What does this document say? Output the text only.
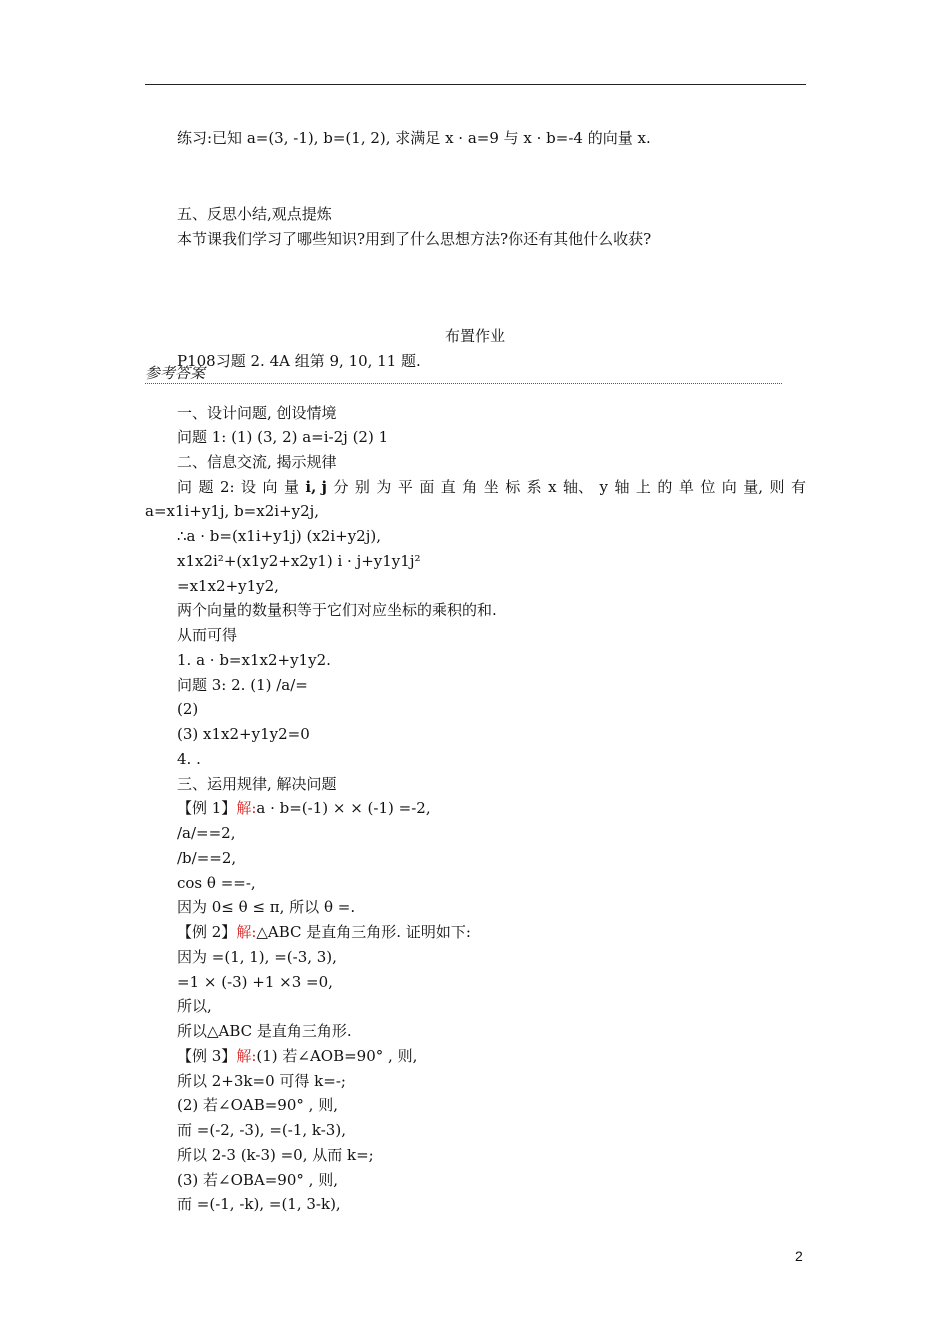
练习:已知 a=(3, -1), b=(1, 2), 求满足 x · a=9 与 x · b=-4 的向量 x.
五、反思小结,观点提炼
本节课我们学习了哪些知识?用到了什么思想方法?你还有其他什么收获?
布置作业
P108习题 2. 4A 组第 9, 10, 11 题.
参考答案
一、设计问题, 创设情境
问题 1: (1) (3, 2) a=i-2j (2) 1
二、信息交流, 揭示规律
问 题 2: 设 向 量 i, j 分 别 为 平 面 直 角 坐 标 系 x 轴、 y 轴 上 的 单 位 向 量, 则 有
a=x1i+y1j, b=x2i+y2j,
∴a · b=(x1i+y1j) (x2i+y2j),
x1x2i²+(x1y2+x2y1) i · j+y1y1j²
=x1x2+y1y2,
两个向量的数量积等于它们对应坐标的乘积的和.
从而可得
1. a · b=x1x2+y1y2.
问题 3: 2. (1) /a/=
(2)
(3) x1x2+y1y2=0
4. .
三、运用规律, 解决问题
【例 1】解:a · b=(-1) × × (-1) =-2,
/a/==2,
/b/==2,
cos θ ==-,
因为 0≤ θ ≤ π, 所以 θ =.
【例 2】解:△ABC 是直角三角形. 证明如下:
因为 =(1, 1), =(-3, 3),
=1 × (-3) +1 ×3 =0,
所以,
所以△ABC 是直角三角形.
【例 3】解:(1) 若∠AOB=90° , 则,
所以 2+3k=0 可得 k=-;
(2) 若∠OAB=90° , 则,
而 =(-2, -3), =(-1, k-3),
所以 2-3 (k-3) =0, 从而 k=;
(3) 若∠OBA=90° , 则,
而 =(-1, -k), =(1, 3-k),
2
